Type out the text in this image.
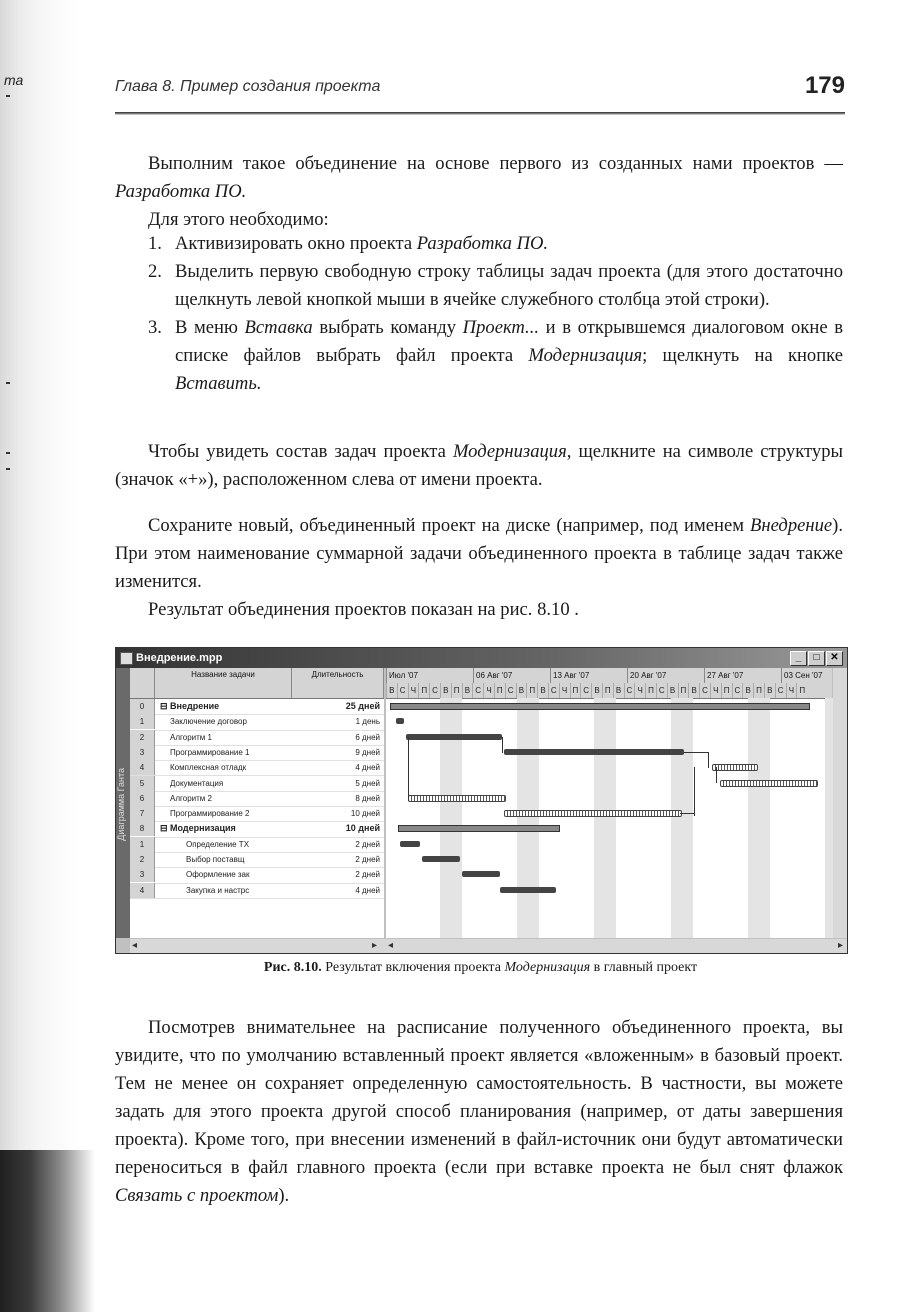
та	Глава 8. Пример создания проекта	179
Выполним такое объединение на основе первого из созданных нами проектов — Разработка ПО.
Для этого необходимо:
1. Активизировать окно проекта Разработка ПО.
2. Выделить первую свободную строку таблицы задач проекта (для этого достаточно щелкнуть левой кнопкой мыши в ячейке служебного столбца этой строки).
3. В меню Вставка выбрать команду Проект... и в открывшемся диалоговом окне в списке файлов выбрать файл проекта Модернизация; щелкнуть на кнопке Вставить.
Чтобы увидеть состав задач проекта Модернизация, щелкните на символе структуры (значок «+»), расположенном слева от имени проекта.
Сохраните новый, объединенный проект на диске (например, под именем Внедрение). При этом наименование суммарной задачи объединенного проекта в таблице задач также изменится.
Результат объединения проектов показан на рис. 8.10 .
Внедрение.mpp	_	□	✕
Диаграмма Ганта
Название задачи	Длительность
0	⊟ Внедрение	25 дней
1	Заключение договор	1 день
2	Алгоритм 1	6 дней
3	Программирование 1	9 дней
4	Комплексная отладк	4 дней
5	Документация	5 дней
6	Алгоритм 2	8 дней
7	Программирование 2	10 дней
8	⊟ Модернизация	10 дней
1	Определение ТХ	2 дней
2	Выбор поставщ	2 дней
3	Оформление зак	2 дней
4	Закупка и настрс	4 дней
Июл '07	06 Авг '07	13 Авг '07	20 Авг '07	27 Авг '07	03 Сен '07
В С Ч П С В П В С Ч П С В П В С Ч П С В П В С Ч П С В П В С Ч П С В П В С Ч П
◂	▸ ◂	▸
Рис. 8.10. Результат включения проекта Модернизация в главный проект
Посмотрев внимательнее на расписание полученного объединенного проекта, вы увидите, что по умолчанию вставленный проект является «вложенным» в базовый проект. Тем не менее он сохраняет определенную самостоятельность. В частности, вы можете задать для этого проекта другой способ планирования (например, от даты завершения проекта). Кроме того, при внесении изменений в файл-источник они будут автоматически переноситься в файл главного проекта (если при вставке проекта не был снят флажок Связать с проектом).
